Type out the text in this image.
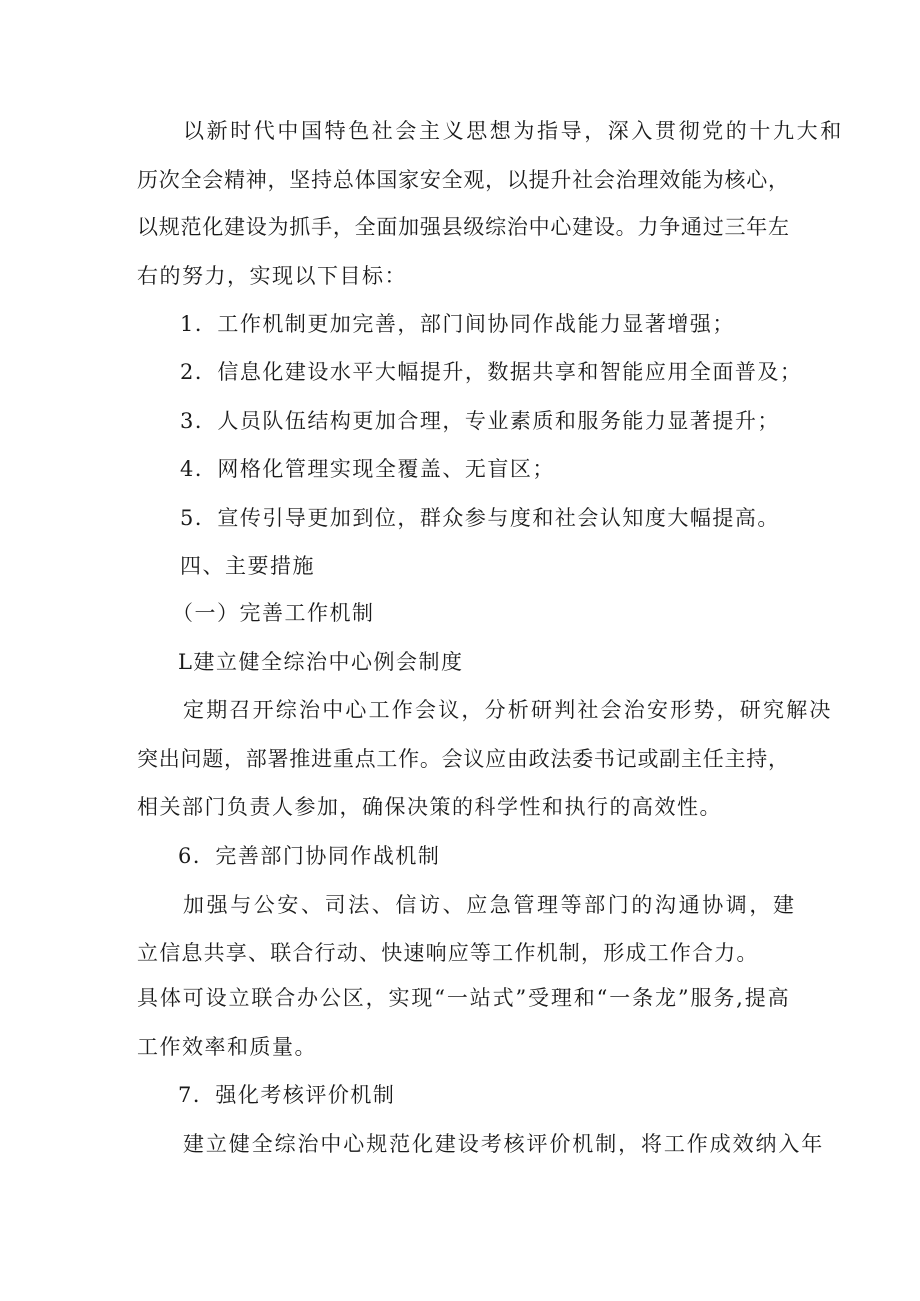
以新时代中国特色社会主义思想为指导，深入贯彻党的十九大和
历次全会精神，坚持总体国家安全观，以提升社会治理效能为核心，
以规范化建设为抓手，全面加强县级综治中心建设。力争通过三年左
右的努力，实现以下目标：
1．工作机制更加完善，部门间协同作战能力显著增强；
2．信息化建设水平大幅提升，数据共享和智能应用全面普及；
3．人员队伍结构更加合理，专业素质和服务能力显著提升；
4．网格化管理实现全覆盖、无盲区；
5．宣传引导更加到位，群众参与度和社会认知度大幅提高。
四、主要措施
（一）完善工作机制
L建立健全综治中心例会制度
定期召开综治中心工作会议，分析研判社会治安形势，研究解决
突出问题，部署推进重点工作。会议应由政法委书记或副主任主持，
相关部门负责人参加，确保决策的科学性和执行的高效性。
6．完善部门协同作战机制
加强与公安、司法、信访、应急管理等部门的沟通协调，建
立信息共享、联合行动、快速响应等工作机制，形成工作合力。
具体可设立联合办公区，实现“一站式”受理和“一条龙”服务,提高
工作效率和质量。
7．强化考核评价机制
建立健全综治中心规范化建设考核评价机制，将工作成效纳入年
